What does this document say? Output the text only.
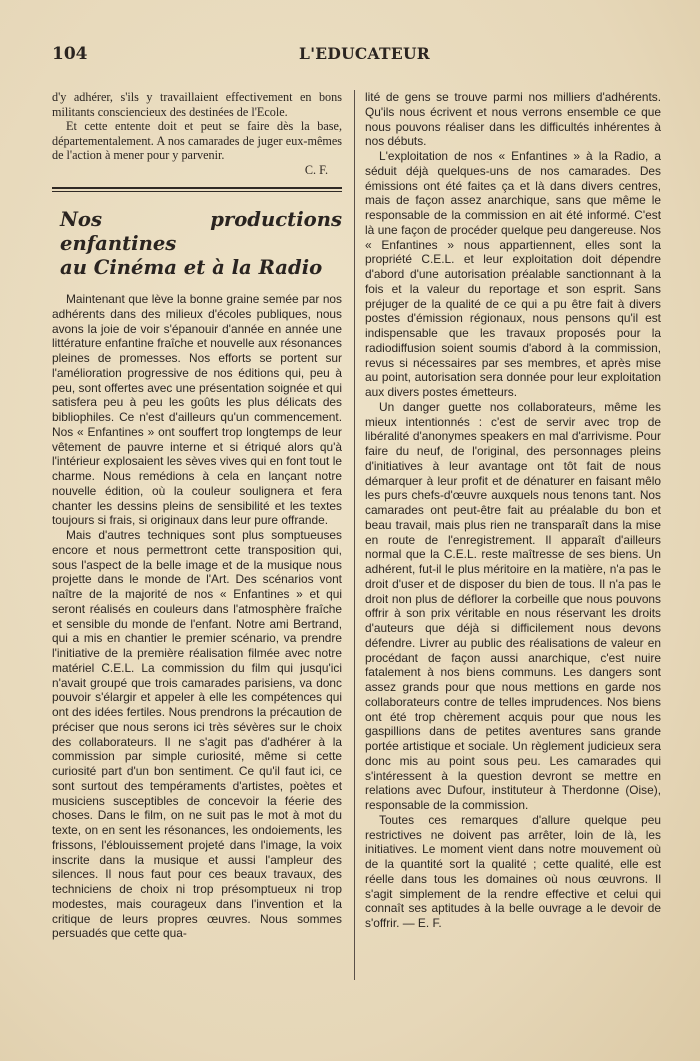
104	L'EDUCATEUR

d'y adhérer, s'ils y travaillaient effectivement en bons militants consciencieux des destinées de l'Ecole.

Et cette entente doit et peut se faire dès la base, départementalement. A nos camarades de juger eux-mêmes de l'action à mener pour y parvenir.

C. F.

Nos productions enfantines
au Cinéma et à la Radio

Maintenant que lève la bonne graine semée par nos adhérents dans des milieux d'écoles publiques, nous avons la joie de voir s'épanouir d'année en année une littérature enfantine fraîche et nouvelle aux résonances pleines de promesses. Nos efforts se portent sur l'amélioration progressive de nos éditions qui, peu à peu, sont offertes avec une présentation soignée et qui satisfera peu à peu les goûts les plus délicats des bibliophiles. Ce n'est d'ailleurs qu'un commencement. Nos « Enfantines » ont souffert trop longtemps de leur vêtement de pauvre interne et si étriqué alors qu'à l'intérieur explosaient les sèves vives qui en font tout le charme. Nous remédions à cela en lançant notre nouvelle édition, où la couleur soulignera et fera chanter les dessins pleins de sensibilité et les textes toujours si frais, si originaux dans leur pure offrande.

Mais d'autres techniques sont plus somptueuses encore et nous permettront cette transposition qui, sous l'aspect de la belle image et de la musique nous projette dans le monde de l'Art. Des scénarios vont naître de la majorité de nos « Enfantines » et qui seront réalisés en couleurs dans l'atmosphère fraîche et sensible du monde de l'enfant. Notre ami Bertrand, qui a mis en chantier le premier scénario, va prendre l'initiative de la première réalisation filmée avec notre matériel C.E.L. La commission du film qui jusqu'ici n'avait groupé que trois camarades parisiens, va donc pouvoir s'élargir et appeler à elle les compétences qui ont des idées fertiles. Nous prendrons la précaution de préciser que nous serons ici très sévères sur le choix des collaborateurs. Il ne s'agit pas d'adhérer à la commission par simple curiosité, même si cette curiosité part d'un bon sentiment. Ce qu'il faut ici, ce sont surtout des tempéraments d'artistes, poètes et musiciens susceptibles de concevoir la féerie des choses. Dans le film, on ne suit pas le mot à mot du texte, on en sent les résonances, les ondoiements, les frissons, l'éblouissement projeté dans l'image, la voix inscrite dans la musique et aussi l'ampleur des silences. Il nous faut pour ces beaux travaux, des techniciens de choix ni trop présomptueux ni trop modestes, mais courageux dans l'invention et la critique de leurs propres œuvres. Nous sommes persuadés que cette qua-

lité de gens se trouve parmi nos milliers d'adhérents. Qu'ils nous écrivent et nous verrons ensemble ce que nous pouvons réaliser dans les difficultés inhérentes à nos débuts.

L'exploitation de nos « Enfantines » à la Radio, a séduit déjà quelques-uns de nos camarades. Des émissions ont été faites ça et là dans divers centres, mais de façon assez anarchique, sans que même le responsable de la commission en ait été informé. C'est là une façon de procéder quelque peu dangereuse. Nos « Enfantines » nous appartiennent, elles sont la propriété C.E.L. et leur exploitation doit dépendre d'abord d'une autorisation préalable sanctionnant à la fois et la valeur du reportage et son esprit. Sans préjuger de la qualité de ce qui a pu être fait à divers postes d'émission régionaux, nous pensons qu'il est indispensable que les travaux proposés pour la radiodiffusion soient soumis d'abord à la commission, revus si nécessaires par ses membres, et après mise au point, autorisation sera donnée pour leur exploitation aux divers postes émetteurs.

Un danger guette nos collaborateurs, même les mieux intentionnés : c'est de servir avec trop de libéralité d'anonymes speakers en mal d'arrivisme. Pour faire du neuf, de l'original, des personnages pleins d'initiatives à leur avantage ont tôt fait de nous démarquer à leur profit et de dénaturer en faisant mêlo les purs chefs-d'œuvre auxquels nous tenons tant. Nos camarades ont peut-être fait au préalable du bon et beau travail, mais plus rien ne transparaît dans la mise en route de l'enregistrement. Il apparaît d'ailleurs normal que la C.E.L. reste maîtresse de ses biens. Un adhérent, fut-il le plus méritoire en la matière, n'a pas le droit d'user et de disposer du bien de tous. Il n'a pas le droit non plus de déflorer la corbeille que nous pouvons offrir à son prix véritable en nous réservant les droits d'auteurs que déjà si difficilement nous devons défendre. Livrer au public des réalisations de valeur en procédant de façon aussi anarchique, c'est nuire fatalement à nos biens communs. Les dangers sont assez grands pour que nous mettions en garde nos collaborateurs contre de telles imprudences. Nos biens ont été trop chèrement acquis pour que nous les gaspillions dans de petites aventures sans grande portée artistique et sociale. Un règlement judicieux sera donc mis au point sous peu. Les camarades qui s'intéressent à la question devront se mettre en relations avec Dufour, instituteur à Therdonne (Oise), responsable de la commission.

Toutes ces remarques d'allure quelque peu restrictives ne doivent pas arrêter, loin de là, les initiatives. Le moment vient dans notre mouvement où de la quantité sort la qualité ; cette qualité, elle est réelle dans tous les domaines où nous œuvrons. Il s'agit simplement de la rendre effective et celui qui connaît ses aptitudes à la belle ouvrage a le devoir de s'offrir. — E. F.
